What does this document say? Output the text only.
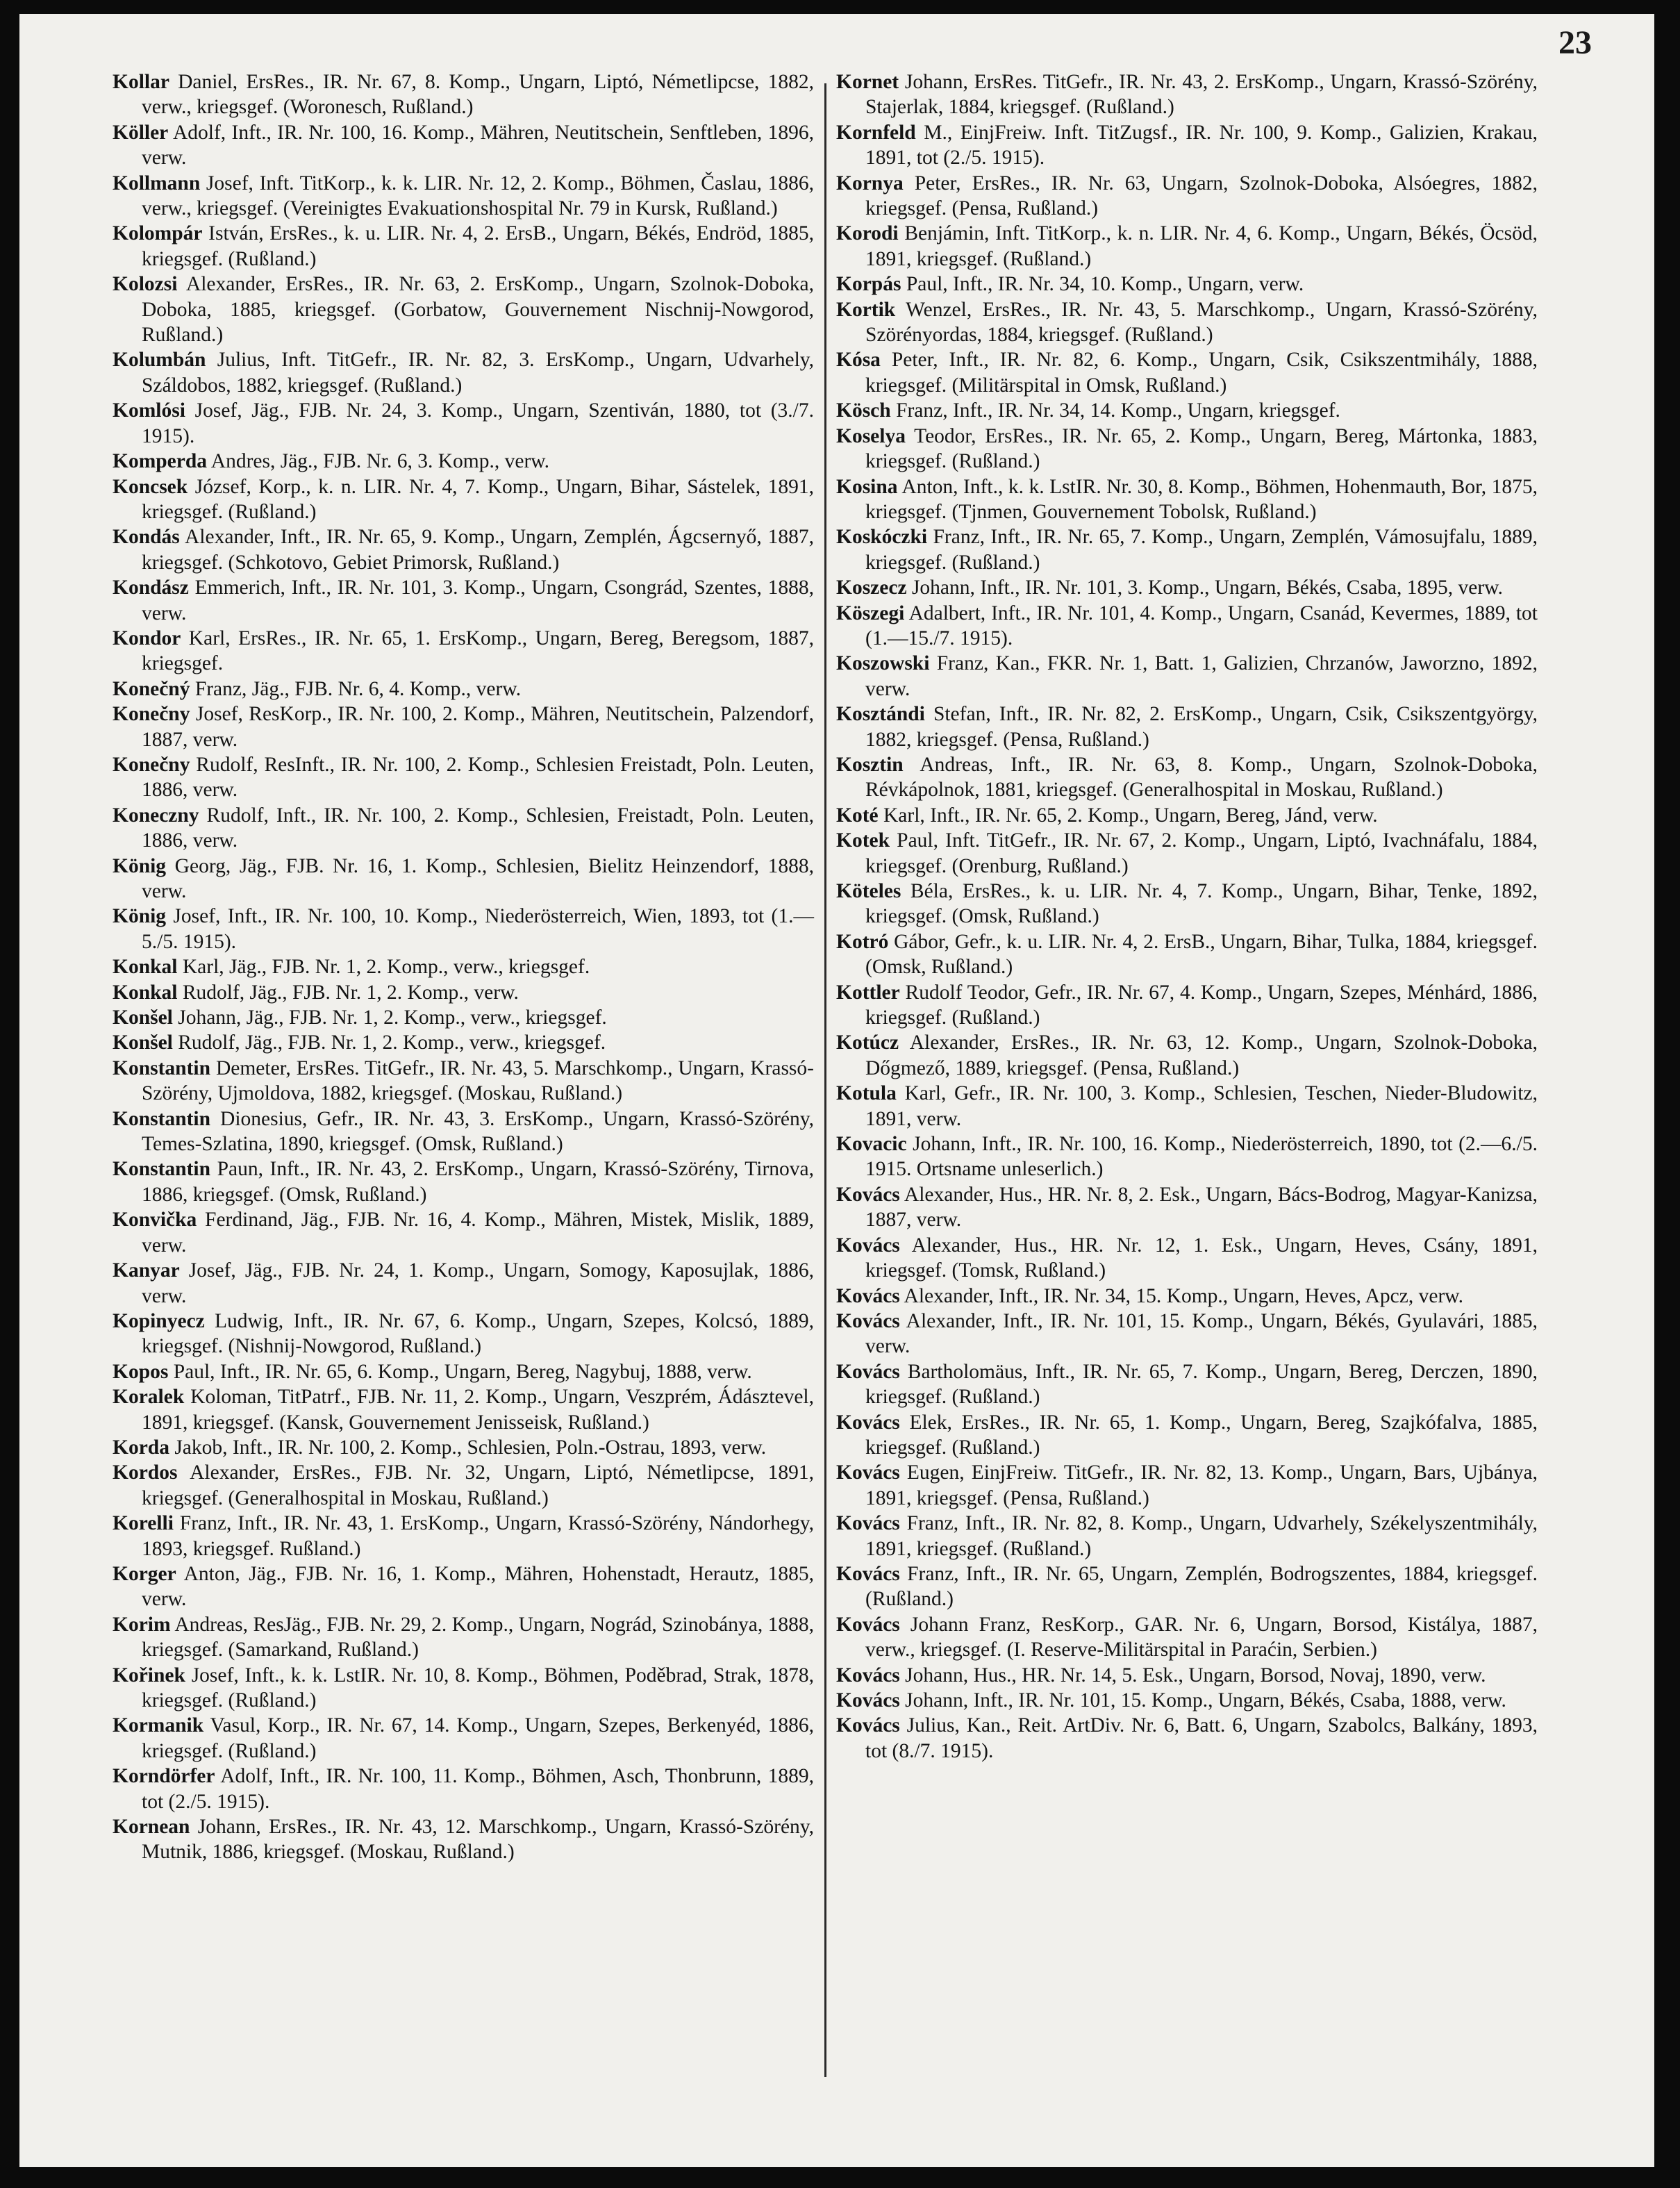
23

Kollar Daniel, ErsRes., IR. Nr. 67, 8. Komp., Ungarn, Liptó, Németlipcse, 1882, verw., kriegsgef. (Woronesch, Rußland.)

Köller Adolf, Inft., IR. Nr. 100, 16. Komp., Mähren, Neutitschein, Senftleben, 1896, verw.

Kollmann Josef, Inft. TitKorp., k. k. LIR. Nr. 12, 2. Komp., Böhmen, Časlau, 1886, verw., kriegsgef. (Vereinigtes Evakuationshospital Nr. 79 in Kursk, Rußland.)

Kolompár István, ErsRes., k. u. LIR. Nr. 4, 2. ErsB., Ungarn, Békés, Endröd, 1885, kriegsgef. (Rußland.)

Kolozsi Alexander, ErsRes., IR. Nr. 63, 2. ErsKomp., Ungarn, Szolnok-Doboka, Doboka, 1885, kriegsgef. (Gorbatow, Gouvernement Nischnij-Nowgorod, Rußland.)

Kolumbán Julius, Inft. TitGefr., IR. Nr. 82, 3. ErsKomp., Ungarn, Udvarhely, Száldobos, 1882, kriegsgef. (Rußland.)

Komlósi Josef, Jäg., FJB. Nr. 24, 3. Komp., Ungarn, Szentiván, 1880, tot (3./7. 1915).

Komperda Andres, Jäg., FJB. Nr. 6, 3. Komp., verw.

Koncsek József, Korp., k. n. LIR. Nr. 4, 7. Komp., Ungarn, Bihar, Sástelek, 1891, kriegsgef. (Rußland.)

Kondás Alexander, Inft., IR. Nr. 65, 9. Komp., Ungarn, Zemplén, Ágcsernyő, 1887, kriegsgef. (Schkotovo, Gebiet Primorsk, Rußland.)

Kondász Emmerich, Inft., IR. Nr. 101, 3. Komp., Ungarn, Csongrád, Szentes, 1888, verw.

Kondor Karl, ErsRes., IR. Nr. 65, 1. ErsKomp., Ungarn, Bereg, Beregsom, 1887, kriegsgef.

Konečný Franz, Jäg., FJB. Nr. 6, 4. Komp., verw.

Konečny Josef, ResKorp., IR. Nr. 100, 2. Komp., Mähren, Neutitschein, Palzendorf, 1887, verw.

Konečny Rudolf, ResInft., IR. Nr. 100, 2. Komp., Schlesien Freistadt, Poln. Leuten, 1886, verw.

Koneczny Rudolf, Inft., IR. Nr. 100, 2. Komp., Schlesien, Freistadt, Poln. Leuten, 1886, verw.

König Georg, Jäg., FJB. Nr. 16, 1. Komp., Schlesien, Bielitz Heinzendorf, 1888, verw.

König Josef, Inft., IR. Nr. 100, 10. Komp., Niederösterreich, Wien, 1893, tot (1.—5./5. 1915).

Konkal Karl, Jäg., FJB. Nr. 1, 2. Komp., verw., kriegsgef.

Konkal Rudolf, Jäg., FJB. Nr. 1, 2. Komp., verw.

Konšel Johann, Jäg., FJB. Nr. 1, 2. Komp., verw., kriegsgef.

Konšel Rudolf, Jäg., FJB. Nr. 1, 2. Komp., verw., kriegsgef.

Konstantin Demeter, ErsRes. TitGefr., IR. Nr. 43, 5. Marschkomp., Ungarn, Krassó-Szörény, Ujmoldova, 1882, kriegsgef. (Moskau, Rußland.)

Konstantin Dionesius, Gefr., IR. Nr. 43, 3. ErsKomp., Ungarn, Krassó-Szörény, Temes-Szlatina, 1890, kriegsgef. (Omsk, Rußland.)

Konstantin Paun, Inft., IR. Nr. 43, 2. ErsKomp., Ungarn, Krassó-Szörény, Tirnova, 1886, kriegsgef. (Omsk, Rußland.)

Konvička Ferdinand, Jäg., FJB. Nr. 16, 4. Komp., Mähren, Mistek, Mislik, 1889, verw.

Kanyar Josef, Jäg., FJB. Nr. 24, 1. Komp., Ungarn, Somogy, Kaposujlak, 1886, verw.

Kopinyecz Ludwig, Inft., IR. Nr. 67, 6. Komp., Ungarn, Szepes, Kolcsó, 1889, kriegsgef. (Nishnij-Nowgorod, Rußland.)

Kopos Paul, Inft., IR. Nr. 65, 6. Komp., Ungarn, Bereg, Nagybuj, 1888, verw.

Koralek Koloman, TitPatrf., FJB. Nr. 11, 2. Komp., Ungarn, Veszprém, Ádásztevel, 1891, kriegsgef. (Kansk, Gouvernement Jenisseisk, Rußland.)

Korda Jakob, Inft., IR. Nr. 100, 2. Komp., Schlesien, Poln.-Ostrau, 1893, verw.

Kordos Alexander, ErsRes., FJB. Nr. 32, Ungarn, Liptó, Németlipcse, 1891, kriegsgef. (Generalhospital in Moskau, Rußland.)

Korelli Franz, Inft., IR. Nr. 43, 1. ErsKomp., Ungarn, Krassó-Szörény, Nándorhegy, 1893, kriegsgef. Rußland.)

Korger Anton, Jäg., FJB. Nr. 16, 1. Komp., Mähren, Hohenstadt, Herautz, 1885, verw.

Korim Andreas, ResJäg., FJB. Nr. 29, 2. Komp., Ungarn, Nográd, Szinobánya, 1888, kriegsgef. (Samarkand, Rußland.)

Kořinek Josef, Inft., k. k. LstIR. Nr. 10, 8. Komp., Böhmen, Poděbrad, Strak, 1878, kriegsgef. (Rußland.)

Kormanik Vasul, Korp., IR. Nr. 67, 14. Komp., Ungarn, Szepes, Berkenyéd, 1886, kriegsgef. (Rußland.)

Korndörfer Adolf, Inft., IR. Nr. 100, 11. Komp., Böhmen, Asch, Thonbrunn, 1889, tot (2./5. 1915).

Kornean Johann, ErsRes., IR. Nr. 43, 12. Marschkomp., Ungarn, Krassó-Szörény, Mutnik, 1886, kriegsgef. (Moskau, Rußland.)

Kornet Johann, ErsRes. TitGefr., IR. Nr. 43, 2. ErsKomp., Ungarn, Krassó-Szörény, Stajerlak, 1884, kriegsgef. (Rußland.)

Kornfeld M., EinjFreiw. Inft. TitZugsf., IR. Nr. 100, 9. Komp., Galizien, Krakau, 1891, tot (2./5. 1915).

Kornya Peter, ErsRes., IR. Nr. 63, Ungarn, Szolnok-Doboka, Alsóegres, 1882, kriegsgef. (Pensa, Rußland.)

Korodi Benjámin, Inft. TitKorp., k. n. LIR. Nr. 4, 6. Komp., Ungarn, Békés, Öcsöd, 1891, kriegsgef. (Rußland.)

Korpás Paul, Inft., IR. Nr. 34, 10. Komp., Ungarn, verw.

Kortik Wenzel, ErsRes., IR. Nr. 43, 5. Marschkomp., Ungarn, Krassó-Szörény, Szörényordas, 1884, kriegsgef. (Rußland.)

Kósa Peter, Inft., IR. Nr. 82, 6. Komp., Ungarn, Csik, Csikszentmihály, 1888, kriegsgef. (Militärspital in Omsk, Rußland.)

Kösch Franz, Inft., IR. Nr. 34, 14. Komp., Ungarn, kriegsgef.

Koselya Teodor, ErsRes., IR. Nr. 65, 2. Komp., Ungarn, Bereg, Mártonka, 1883, kriegsgef. (Rußland.)

Kosina Anton, Inft., k. k. LstIR. Nr. 30, 8. Komp., Böhmen, Hohenmauth, Bor, 1875, kriegsgef. (Tjnmen, Gouvernement Tobolsk, Rußland.)

Koskóczki Franz, Inft., IR. Nr. 65, 7. Komp., Ungarn, Zemplén, Vámosujfalu, 1889, kriegsgef. (Rußland.)

Koszecz Johann, Inft., IR. Nr. 101, 3. Komp., Ungarn, Békés, Csaba, 1895, verw.

Köszegi Adalbert, Inft., IR. Nr. 101, 4. Komp., Ungarn, Csanád, Kevermes, 1889, tot (1.—15./7. 1915).

Koszowski Franz, Kan., FKR. Nr. 1, Batt. 1, Galizien, Chrzanów, Jaworzno, 1892, verw.

Kosztándi Stefan, Inft., IR. Nr. 82, 2. ErsKomp., Ungarn, Csik, Csikszentgyörgy, 1882, kriegsgef. (Pensa, Rußland.)

Kosztin Andreas, Inft., IR. Nr. 63, 8. Komp., Ungarn, Szolnok-Doboka, Révkápolnok, 1881, kriegsgef. (Generalhospital in Moskau, Rußland.)

Koté Karl, Inft., IR. Nr. 65, 2. Komp., Ungarn, Bereg, Jánd, verw.

Kotek Paul, Inft. TitGefr., IR. Nr. 67, 2. Komp., Ungarn, Liptó, Ivachnáfalu, 1884, kriegsgef. (Orenburg, Rußland.)

Köteles Béla, ErsRes., k. u. LIR. Nr. 4, 7. Komp., Ungarn, Bihar, Tenke, 1892, kriegsgef. (Omsk, Rußland.)

Kotró Gábor, Gefr., k. u. LIR. Nr. 4, 2. ErsB., Ungarn, Bihar, Tulka, 1884, kriegsgef. (Omsk, Rußland.)

Kottler Rudolf Teodor, Gefr., IR. Nr. 67, 4. Komp., Ungarn, Szepes, Ménhárd, 1886, kriegsgef. (Rußland.)

Kotúcz Alexander, ErsRes., IR. Nr. 63, 12. Komp., Ungarn, Szolnok-Doboka, Dőgmező, 1889, kriegsgef. (Pensa, Rußland.)

Kotula Karl, Gefr., IR. Nr. 100, 3. Komp., Schlesien, Teschen, Nieder-Bludowitz, 1891, verw.

Kovacic Johann, Inft., IR. Nr. 100, 16. Komp., Niederösterreich, 1890, tot (2.—6./5. 1915. Ortsname unleserlich.)

Kovács Alexander, Hus., HR. Nr. 8, 2. Esk., Ungarn, Bács-Bodrog, Magyar-Kanizsa, 1887, verw.

Kovács Alexander, Hus., HR. Nr. 12, 1. Esk., Ungarn, Heves, Csány, 1891, kriegsgef. (Tomsk, Rußland.)

Kovács Alexander, Inft., IR. Nr. 34, 15. Komp., Ungarn, Heves, Apcz, verw.

Kovács Alexander, Inft., IR. Nr. 101, 15. Komp., Ungarn, Békés, Gyulavári, 1885, verw.

Kovács Bartholomäus, Inft., IR. Nr. 65, 7. Komp., Ungarn, Bereg, Derczen, 1890, kriegsgef. (Rußland.)

Kovács Elek, ErsRes., IR. Nr. 65, 1. Komp., Ungarn, Bereg, Szajkófalva, 1885, kriegsgef. (Rußland.)

Kovács Eugen, EinjFreiw. TitGefr., IR. Nr. 82, 13. Komp., Ungarn, Bars, Ujbánya, 1891, kriegsgef. (Pensa, Rußland.)

Kovács Franz, Inft., IR. Nr. 82, 8. Komp., Ungarn, Udvarhely, Székelyszentmihály, 1891, kriegsgef. (Rußland.)

Kovács Franz, Inft., IR. Nr. 65, Ungarn, Zemplén, Bodrogszentes, 1884, kriegsgef. (Rußland.)

Kovács Johann Franz, ResKorp., GAR. Nr. 6, Ungarn, Borsod, Kistálya, 1887, verw., kriegsgef. (I. Reserve-Militärspital in Paraćin, Serbien.)

Kovács Johann, Hus., HR. Nr. 14, 5. Esk., Ungarn, Borsod, Novaj, 1890, verw.

Kovács Johann, Inft., IR. Nr. 101, 15. Komp., Ungarn, Békés, Csaba, 1888, verw.

Kovács Julius, Kan., Reit. ArtDiv. Nr. 6, Batt. 6, Ungarn, Szabolcs, Balkány, 1893, tot (8./7. 1915).
